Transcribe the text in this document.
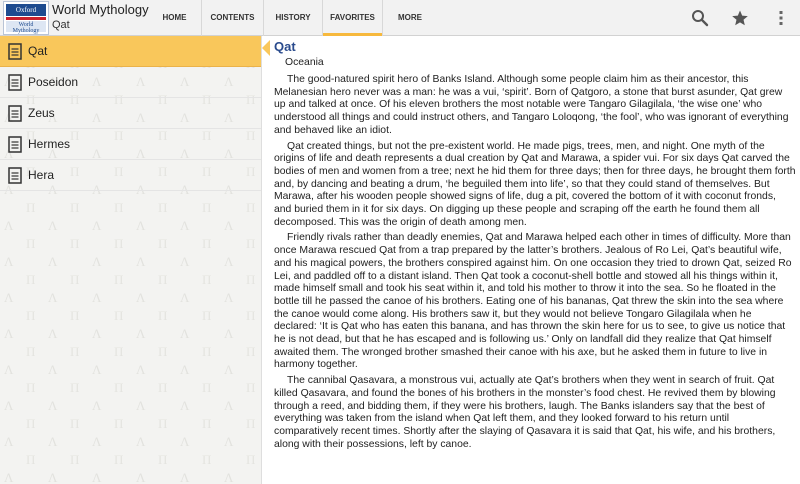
Oxford
World Mythology
World Mythology
Qat
HOME	CONTENTS	HISTORY	FAVORITES	MORE
Qat
Poseidon
Zeus
Hermes
Hera
Qat
Oceania

The good-natured spirit hero of Banks Island. Although some people claim him as their ancestor, this Melanesian hero never was a man: he was a vui, ‘spirit’. Born of Qatgoro, a stone that burst asunder, Qat grew up and talked at once. Of his eleven brothers the most notable were Tangaro Gilagilala, ‘the wise one’ who understood all things and could instruct others, and Tangaro Loloqong, ‘the fool’, who was ignorant of everything and behaved like an idiot.

Qat created things, but not the pre-existent world. He made pigs, trees, men, and night. One myth of the origins of life and death represents a dual creation by Qat and Marawa, a spider vui. For six days Qat carved the bodies of men and women from a tree; next he hid them for three days; then for three days, he brought them forth and, by dancing and beating a drum, ‘he beguiled them into life’, so that they could stand of themselves. But Marawa, after his wooden people showed signs of life, dug a pit, covered the bottom of it with coconut fronds, and buried them in it for six days. On digging up these people and scraping off the earth he found them all decomposed. This was the origin of death among men.

Friendly rivals rather than deadly enemies, Qat and Marawa helped each other in times of difficulty. More than once Marawa rescued Qat from a trap prepared by the latter’s brothers. Jealous of Ro Lei, Qat’s beautiful wife, and his magical powers, the brothers conspired against him. On one occasion they tried to drown Qat, seized Ro Lei, and paddled off to a distant island. Then Qat took a coconut-shell bottle and stowed all his things within it, made himself small and took his seat within it, and told his mother to throw it into the sea. So he floated in the bottle till he passed the canoe of his brothers. Eating one of his bananas, Qat threw the skin into the sea where the canoe would come along. His brothers saw it, but they would not believe Tongaro Gilagilala when he declared: ‘It is Qat who has eaten this banana, and has thrown the skin here for us to see, to give us notice that he is not dead, but that he has escaped and is following us.’ Only on landfall did they realize that Qat himself awaited them. The wronged brother smashed their canoe with his axe, but he asked them in future to live in harmony together.

The cannibal Qasavara, a monstrous vui, actually ate Qat’s brothers when they went in search of fruit. Qat killed Qasavara, and found the bones of his brothers in the monster’s food chest. He revived them by blowing through a reed, and bidding them, if they were his brothers, laugh. The Banks islanders say that the best of everything was taken from the island when Qat left them, and they looked forward to his return until comparatively recent times. Shortly after the slaying of Qasavara it is said that Qat, his wife, and his brothers, along with their possessions, left by canoe.
